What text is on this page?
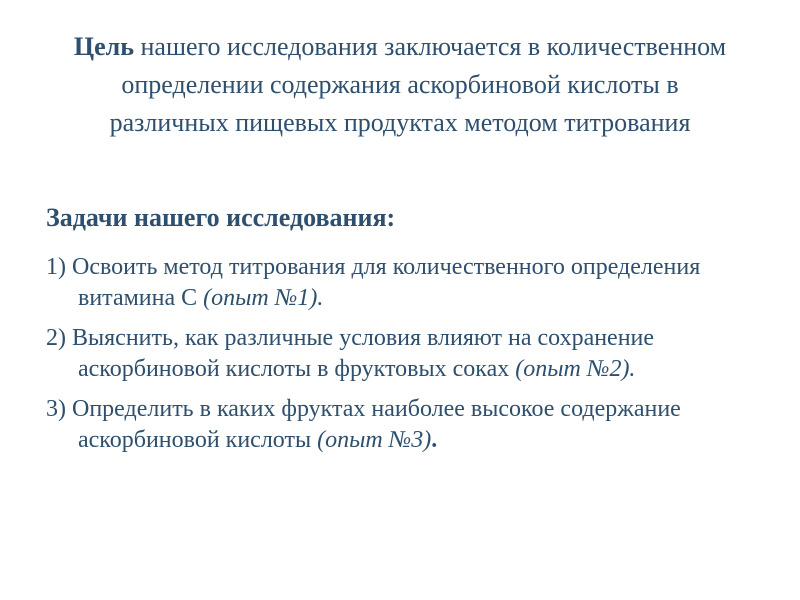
Цель нашего исследования заключается в количественном определении содержания аскорбиновой кислоты в различных пищевых продуктах методом титрования
Задачи нашего исследования:
1) Освоить метод титрования для количественного определения витамина С (опыт №1).
2) Выяснить, как различные условия влияют на сохранение аскорбиновой кислоты в фруктовых соках (опыт №2).
3) Определить в каких фруктах наиболее высокое содержание аскорбиновой кислоты (опыт №3).
